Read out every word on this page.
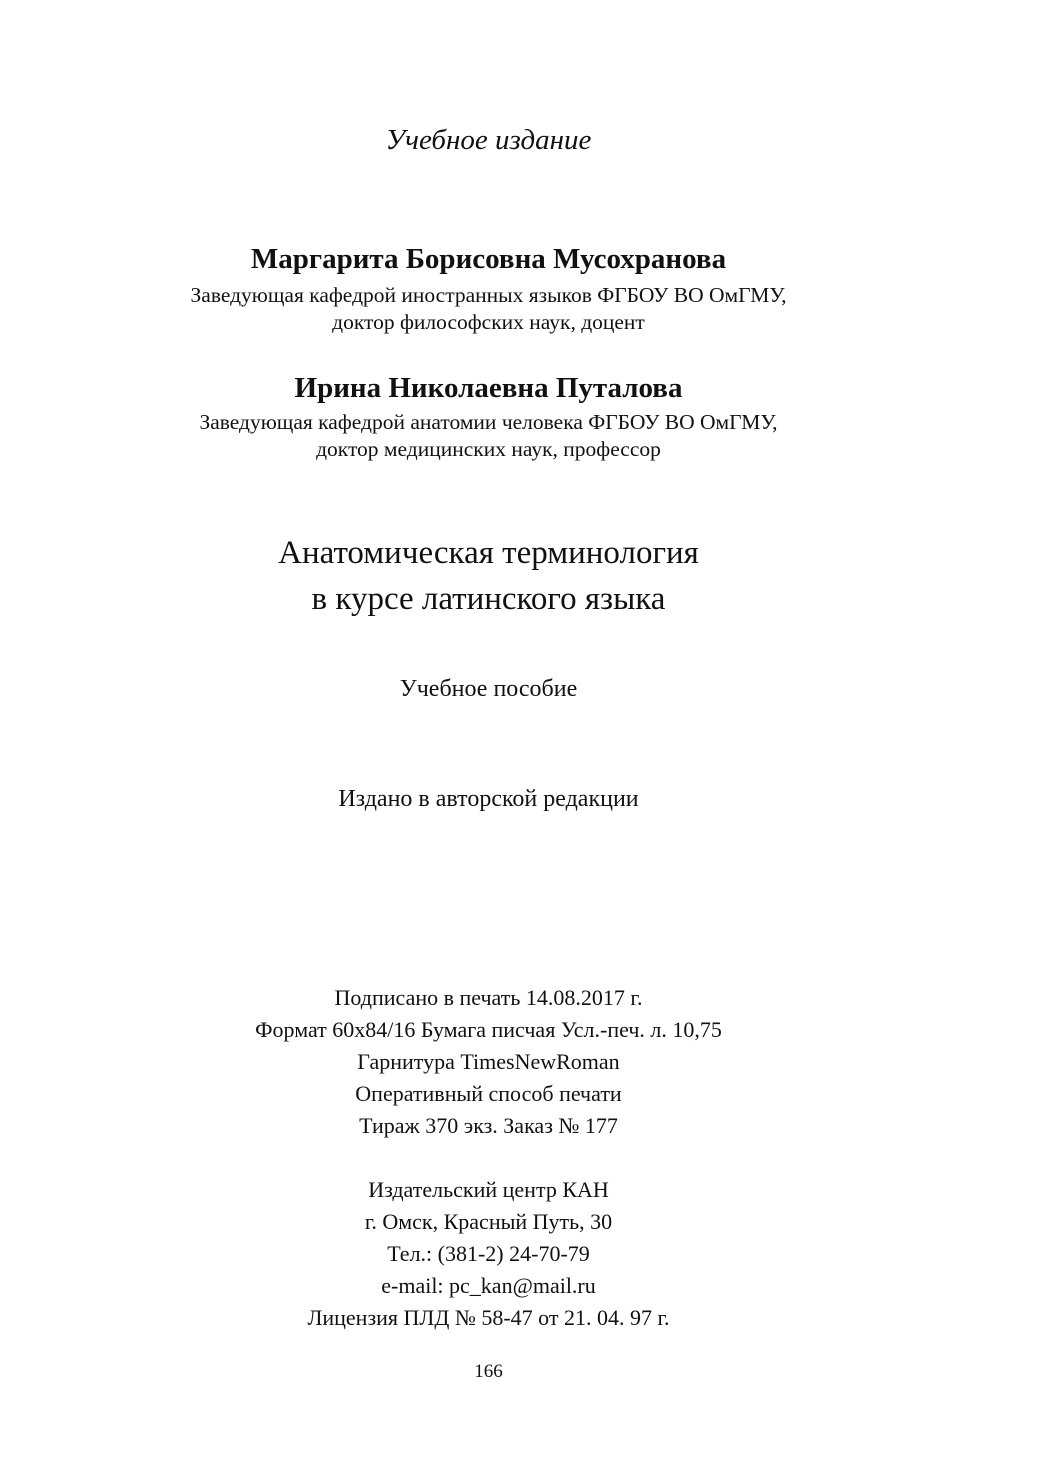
Учебное издание
Маргарита Борисовна Мусохранова
Заведующая кафедрой иностранных языков ФГБОУ ВО ОмГМУ,
доктор философских наук, доцент
Ирина Николаевна Путалова
Заведующая кафедрой анатомии человека ФГБОУ ВО ОмГМУ,
доктор медицинских наук, профессор
Анатомическая терминология
в курсе латинского языка
Учебное пособие
Издано в авторской редакции
Подписано в печать 14.08.2017 г.
Формат 60х84/16 Бумага писчая Усл.-печ. л. 10,75
Гарнитура TimesNewRoman
Оперативный способ печати
Тираж 370 экз. Заказ № 177
Издательский центр КАН
г. Омск, Красный Путь, 30
Тел.: (381-2) 24-70-79
e-mail: pc_kan@mail.ru
Лицензия ПЛД № 58-47 от 21. 04. 97 г.
166
